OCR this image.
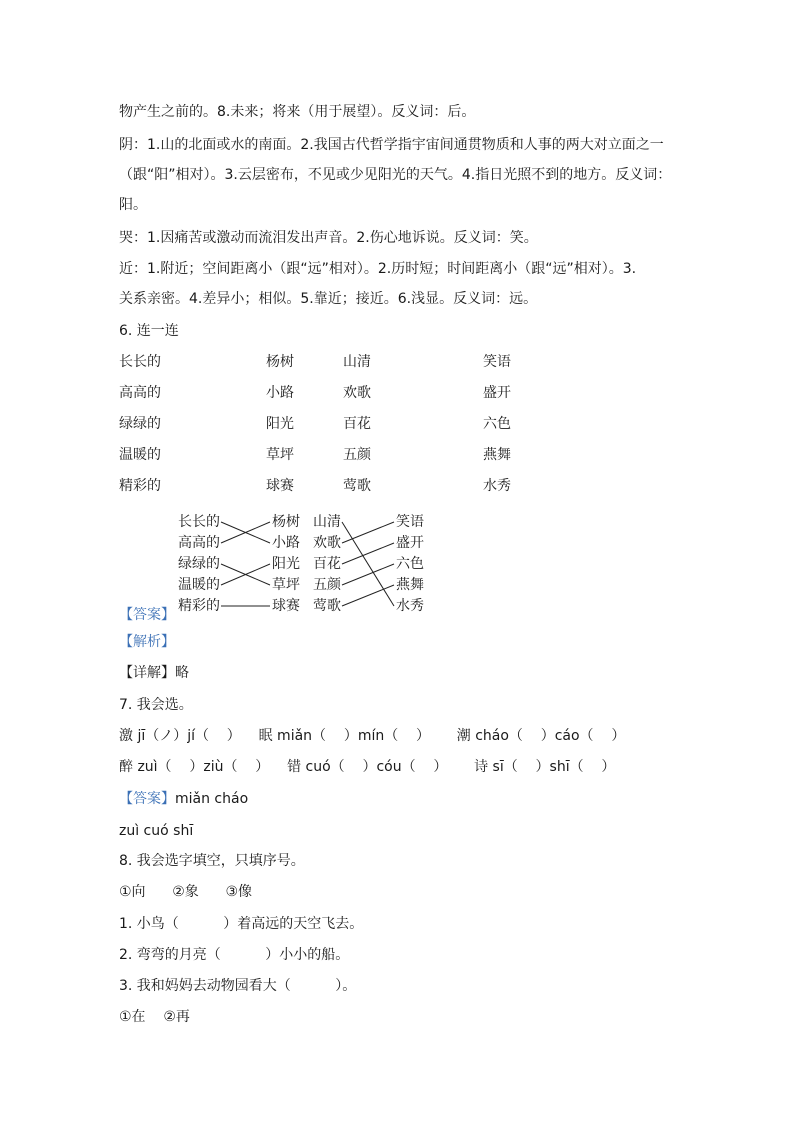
物产生之前的。8.未来；将来（用于展望）。反义词：后。
阴：1.山的北面或水的南面。2.我国古代哲学指宇宙间通贯物质和人事的两大对立面之一
（跟“阳”相对）。3.云层密布，不见或少见阳光的天气。4.指日光照不到的地方。反义词：
阳。
哭：1.因痛苦或激动而流泪发出声音。2.伤心地诉说。反义词：笑。
近：1.附近；空间距离小（跟“远”相对）。2.历时短；时间距离小（跟“远”相对）。3.
关系亲密。4.差异小；相似。5.靠近；接近。6.浅显。反义词：远。
6. 连一连
长长的
高高的
绿绿的
温暖的
精彩的
杨树
小路
阳光
草坪
球赛
山清
欢歌
百花
五颜
莺歌
笑语
盛开
六色
燕舞
水秀
长长的
高高的
绿绿的
温暖的
精彩的
杨树
小路
阳光
草坪
球赛
山清
欢歌
百花
五颜
莺歌
笑语
盛开
六色
燕舞
水秀
【答案】
【解析】
【详解】略
7. 我会选。
激 jī（ノ）jí（    ）    眠 miǎn（    ）mín（    ）      潮 cháo（    ）cáo（    ）
醉 zuì（    ）ziù（    ）    错 cuó（    ）cóu（    ）      诗 sī（    ）shī（    ）
【答案】miǎn cháo
zuì cuó shī
8. 我会选字填空，只填序号。
①向      ②象      ③像
1. 小鸟（          ）着高远的天空飞去。
2. 弯弯的月亮（          ）小小的船。
3. 我和妈妈去动物园看大（          ）。
①在    ②再
